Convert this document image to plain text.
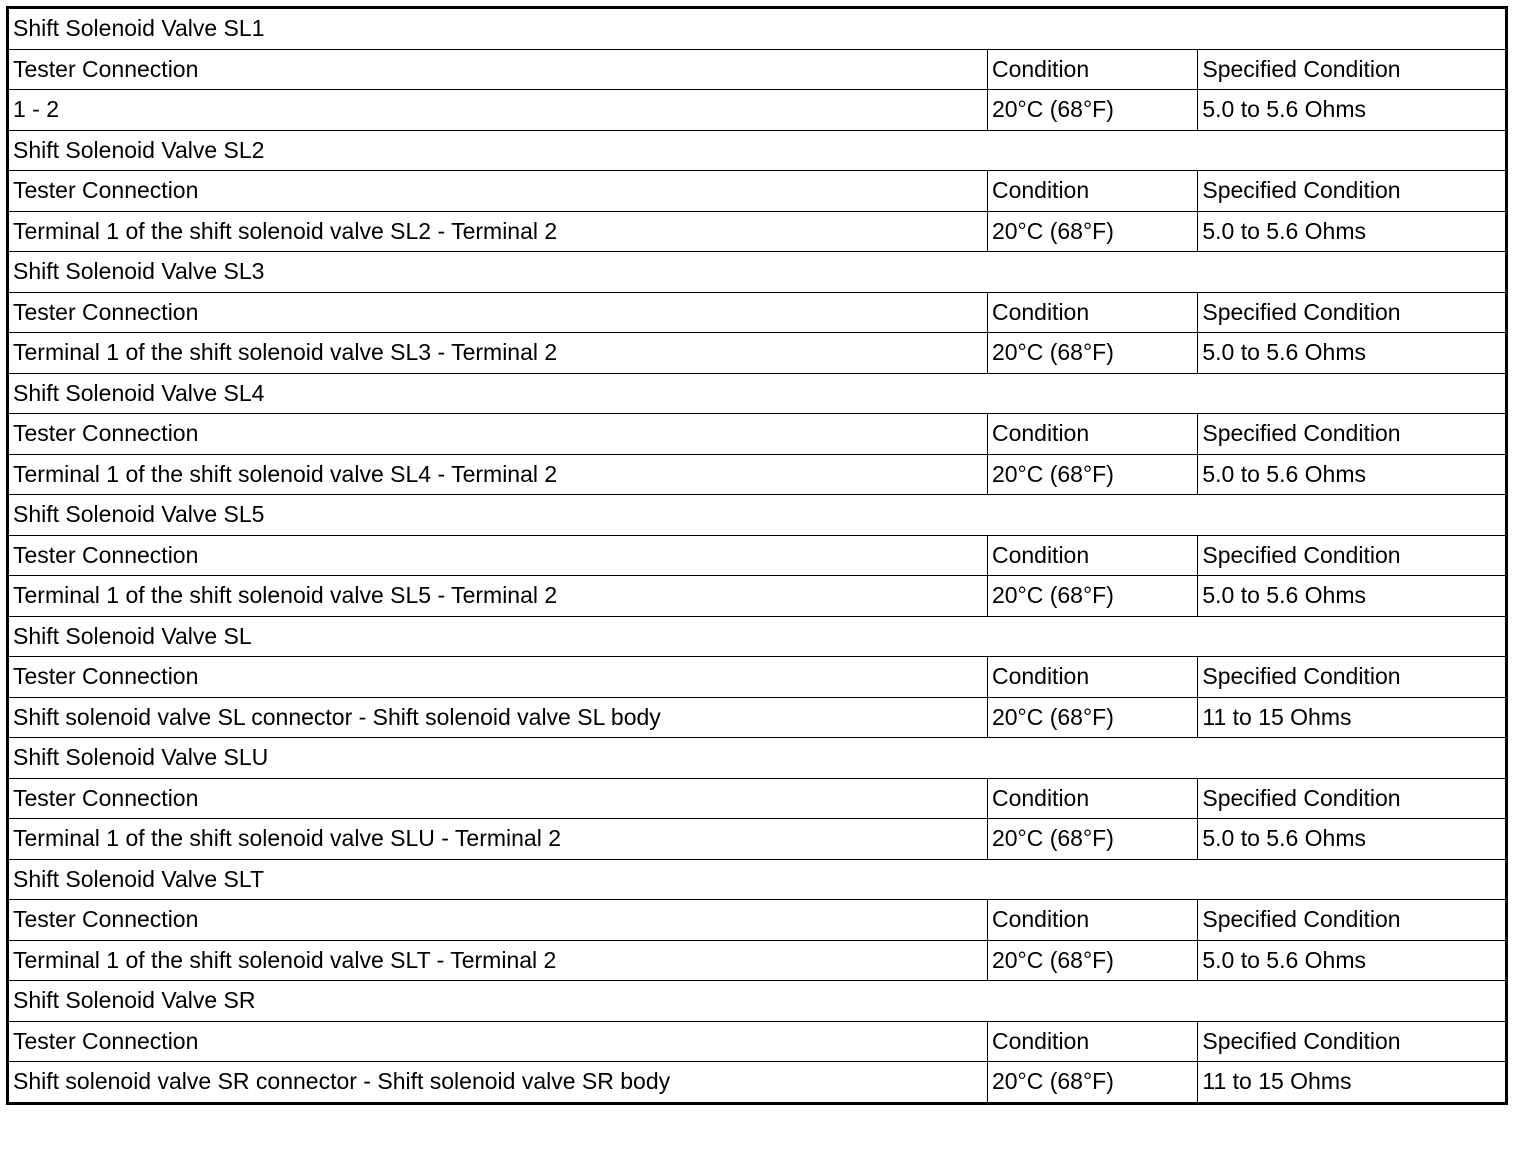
Shift Solenoid Valve SL1		
Tester Connection	Condition	Specified Condition
1 - 2	20°C (68°F)	5.0 to 5.6 Ohms
Shift Solenoid Valve SL2		
Tester Connection	Condition	Specified Condition
Terminal 1 of the shift solenoid valve SL2 - Terminal 2	20°C (68°F)	5.0 to 5.6 Ohms
Shift Solenoid Valve SL3		
Tester Connection	Condition	Specified Condition
Terminal 1 of the shift solenoid valve SL3 - Terminal 2	20°C (68°F)	5.0 to 5.6 Ohms
Shift Solenoid Valve SL4		
Tester Connection	Condition	Specified Condition
Terminal 1 of the shift solenoid valve SL4 - Terminal 2	20°C (68°F)	5.0 to 5.6 Ohms
Shift Solenoid Valve SL5		
Tester Connection	Condition	Specified Condition
Terminal 1 of the shift solenoid valve SL5 - Terminal 2	20°C (68°F)	5.0 to 5.6 Ohms
Shift Solenoid Valve SL		
Tester Connection	Condition	Specified Condition
Shift solenoid valve SL connector - Shift solenoid valve SL body	20°C (68°F)	11 to 15 Ohms
Shift Solenoid Valve SLU		
Tester Connection	Condition	Specified Condition
Terminal 1 of the shift solenoid valve SLU - Terminal 2	20°C (68°F)	5.0 to 5.6 Ohms
Shift Solenoid Valve SLT		
Tester Connection	Condition	Specified Condition
Terminal 1 of the shift solenoid valve SLT - Terminal 2	20°C (68°F)	5.0 to 5.6 Ohms
Shift Solenoid Valve SR		
Tester Connection	Condition	Specified Condition
Shift solenoid valve SR connector - Shift solenoid valve SR body	20°C (68°F)	11 to 15 Ohms
